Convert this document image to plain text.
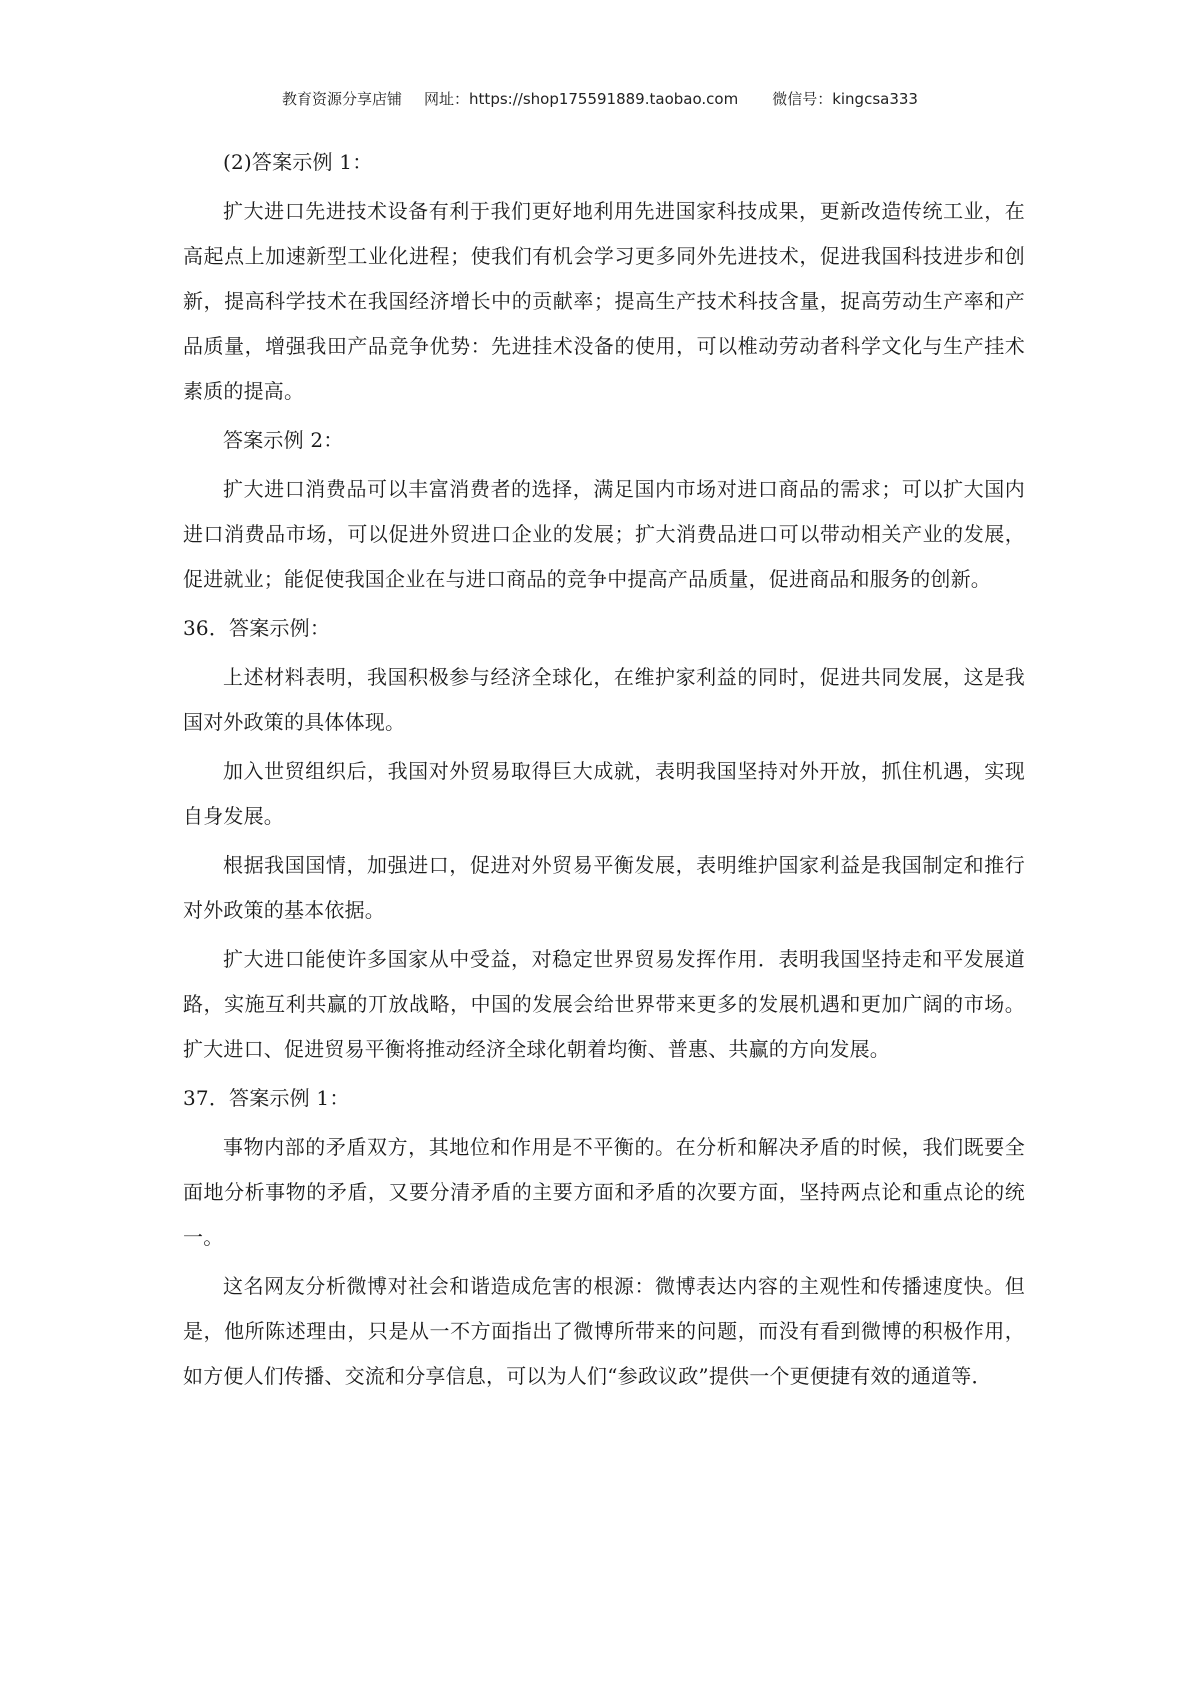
教育资源分享店铺 网址：https://shop175591889.taobao.com 微信号：kingcsa333

(2)答案示例 1：

扩大进口先进技术设备有利于我们更好地利用先进国家科技成果，更新改造传统工业，在高起点上加速新型工业化进程；使我们有机会学习更多同外先进技术，促进我国科技进步和创新，提高科学技术在我国经济增长中的贡献率；提高生产技术科技含量，捉高劳动生产率和产品质量，增强我田产品竞争优势：先进挂术没备的使用，可以椎动劳动者科学文化与生产挂术素质的提高。

答案示例 2：

扩大进口消费品可以丰富消费者的选择，满足国内市场对进口商品的需求；可以扩大国内进口消费品市场，可以促进外贸进口企业的发展；扩大消费品进口可以带动相关产业的发展，促进就业；能促使我国企业在与进口商品的竞争中提高产品质量，促进商品和服务的创新。

36．答案示例：

上述材料表明，我国积极参与经济全球化，在维护家利益的同时，促进共同发展，这是我国对外政策的具体体现。

加入世贸组织后，我国对外贸易取得巨大成就，表明我国坚持对外开放，抓住机遇，实现自身发展。

根据我国国情，加强进口，促进对外贸易平衡发展，表明维护国家利益是我国制定和推行对外政策的基本依据。

扩大进口能使许多国家从中受益，对稳定世界贸易发挥作用．表明我国坚持走和平发展道路，实施互利共赢的丌放战略，中国的发展会给世界带来更多的发展机遇和更加广阔的市场。扩大进口、促进贸易平衡将推动经济全球化朝着均衡、普惠、共赢的方向发展。

37．答案示例 1：

事物内部的矛盾双方，其地位和作用是不平衡的。在分析和解决矛盾的时候，我们既要全面地分析事物的矛盾，又要分清矛盾的主要方面和矛盾的次要方面，坚持两点论和重点论的统一。

这名网友分析微博对社会和谐造成危害的根源：微博表达内容的主观性和传播速度快。但是，他所陈述理由，只是从一不方面指出了微博所带来的问题，而没有看到微博的积极作用，如方便人们传播、交流和分享信息，可以为人们“参政议政”提供一个更便捷有效的通道等．
